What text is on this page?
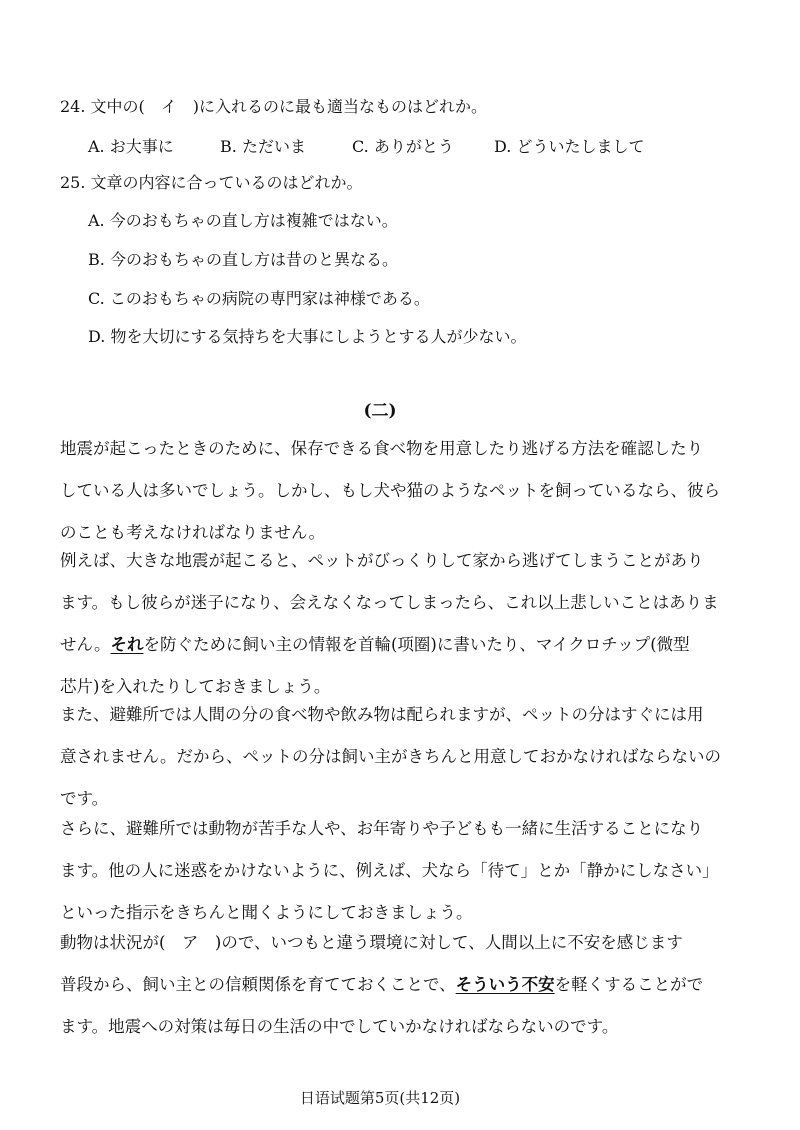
24. 文中の(　イ　)に入れるのに最も適当なものはどれか。
A. お大事に	B. ただいま	C. ありがとう	D. どういたしまして
25. 文章の内容に合っているのはどれか。
A. 今のおもちゃの直し方は複雑ではない。
B. 今のおもちゃの直し方は昔のと異なる。
C. このおもちゃの病院の専門家は神様である。
D. 物を大切にする気持ちを大事にしようとする人が少ない。
(二)
地震が起こったときのために、保存できる食べ物を用意したり逃げる方法を確認したり
している人は多いでしょう。しかし、もし犬や猫のようなペットを飼っているなら、彼ら
のことも考えなければなりません。
例えば、大きな地震が起こると、ペットがびっくりして家から逃げてしまうことがあり
ます。もし彼らが迷子になり、会えなくなってしまったら、これ以上悲しいことはありま
せん。それを防ぐために飼い主の情報を首輪(项圈)に書いたり、マイクロチップ(微型
芯片)を入れたりしておきましょう。
また、避難所では人間の分の食べ物や飲み物は配られますが、ペットの分はすぐには用
意されません。だから、ペットの分は飼い主がきちんと用意しておかなければならないの
です。
さらに、避難所では動物が苦手な人や、お年寄りや子どもも一緒に生活することになり
ます。他の人に迷惑をかけないように、例えば、犬なら「待て」とか「静かにしなさい」
といった指示をきちんと聞くようにしておきましょう。
動物は状況が(　ア　)ので、いつもと違う環境に対して、人間以上に不安を感じます
普段から、飼い主との信頼関係を育てておくことで、そういう不安を軽くすることがで
ます。地震への対策は毎日の生活の中でしていかなければならないのです。
日语试题第5页(共12页)
